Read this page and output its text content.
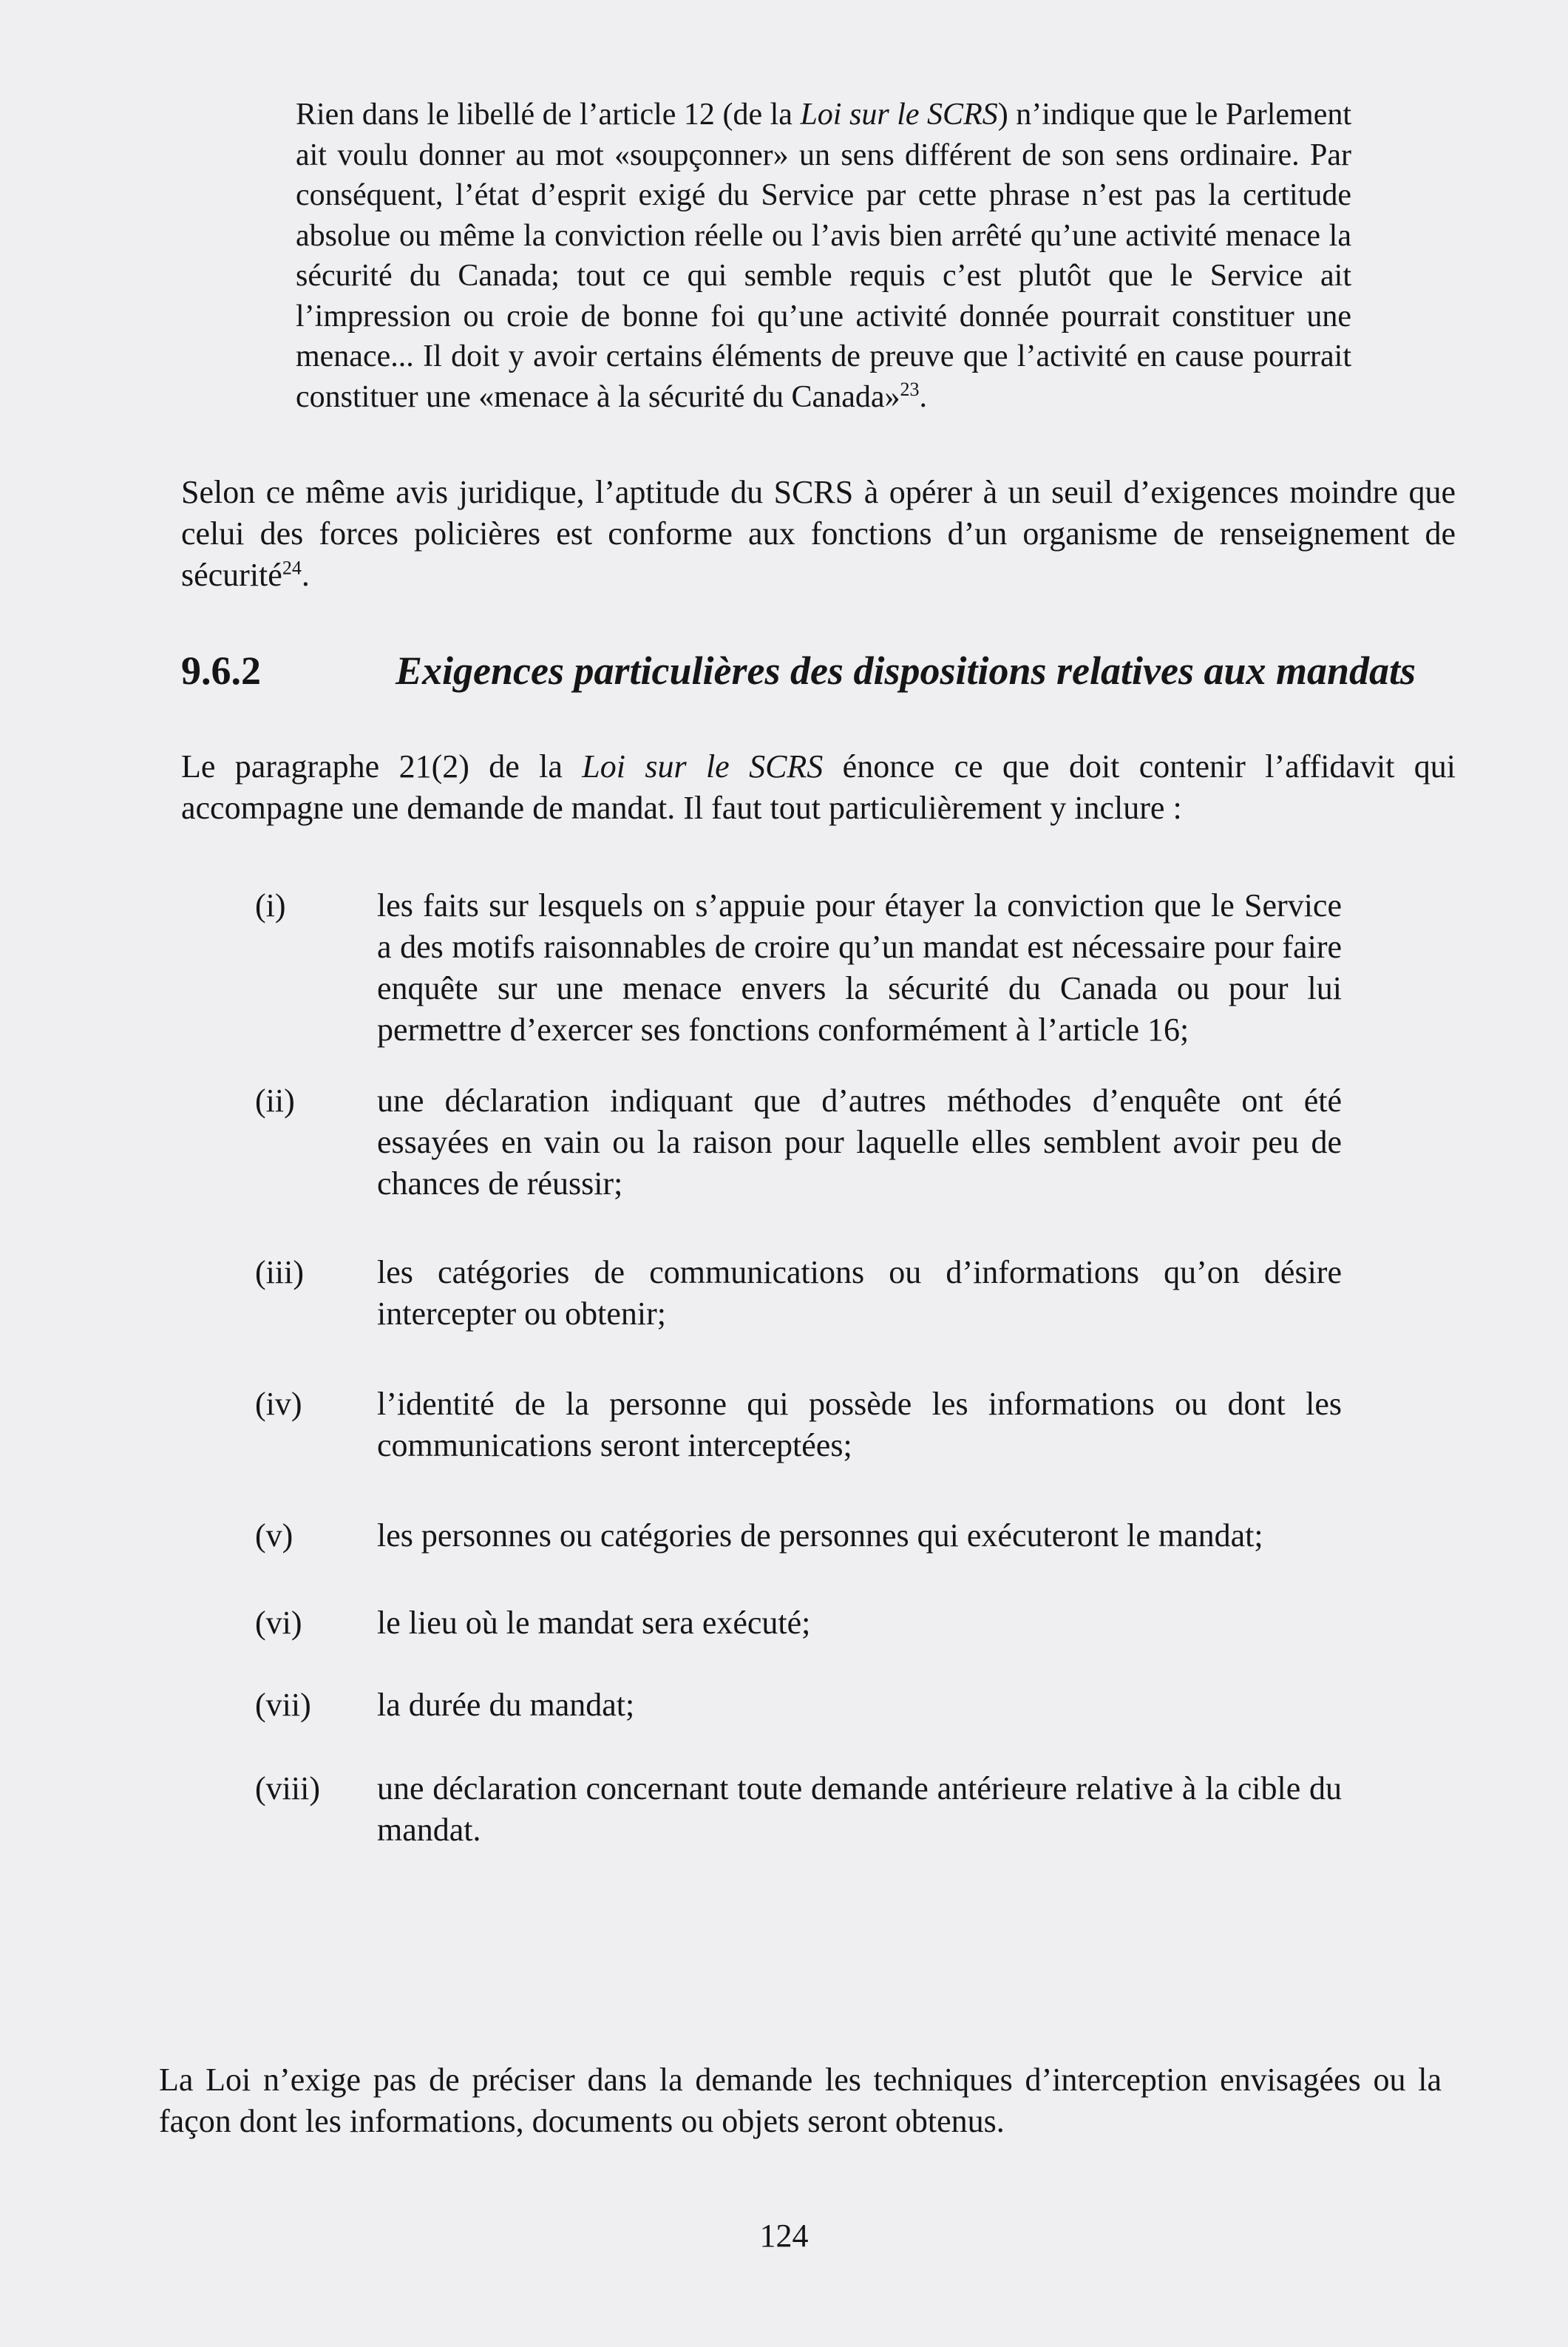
Rien dans le libellé de l’article 12 (de la Loi sur le SCRS) n’indique que le Parlement ait voulu donner au mot «soupçonner» un sens différent de son sens ordinaire. Par conséquent, l’état d’esprit exigé du Service par cette phrase n’est pas la certitude absolue ou même la conviction réelle ou l’avis bien arrêté qu’une activité menace la sécurité du Canada; tout ce qui semble requis c’est plutôt que le Service ait l’impression ou croie de bonne foi qu’une activité donnée pourrait constituer une menace... Il doit y avoir certains éléments de preuve que l’activité en cause pourrait constituer une «menace à la sécurité du Canada»$^{23}$.

Selon ce même avis juridique, l’aptitude du SCRS à opérer à un seuil d’exigences moindre que celui des forces policières est conforme aux fonctions d’un organisme de renseignement de sécurité$^{24}$.

9.6.2	Exigences particulières des dispositions relatives aux mandats

Le paragraphe 21(2) de la Loi sur le SCRS énonce ce que doit contenir l’affidavit qui accompagne une demande de mandat. Il faut tout particulièrement y inclure :

(i)	les faits sur lesquels on s’appuie pour étayer la conviction que le Service a des motifs raisonnables de croire qu’un mandat est nécessaire pour faire enquête sur une menace envers la sécurité du Canada ou pour lui permettre d’exercer ses fonctions conformément à l’article 16;
(ii)	une déclaration indiquant que d’autres méthodes d’enquête ont été essayées en vain ou la raison pour laquelle elles semblent avoir peu de chances de réussir;
(iii)	les catégories de communications ou d’informations qu’on désire intercepter ou obtenir;
(iv)	l’identité de la personne qui possède les informations ou dont les communications seront interceptées;
(v)	les personnes ou catégories de personnes qui exécuteront le mandat;
(vi)	le lieu où le mandat sera exécuté;
(vii)	la durée du mandat;
(viii)	une déclaration concernant toute demande antérieure relative à la cible du mandat.

La Loi n’exige pas de préciser dans la demande les techniques d’interception envisagées ou la façon dont les informations, documents ou objets seront obtenus.

124
